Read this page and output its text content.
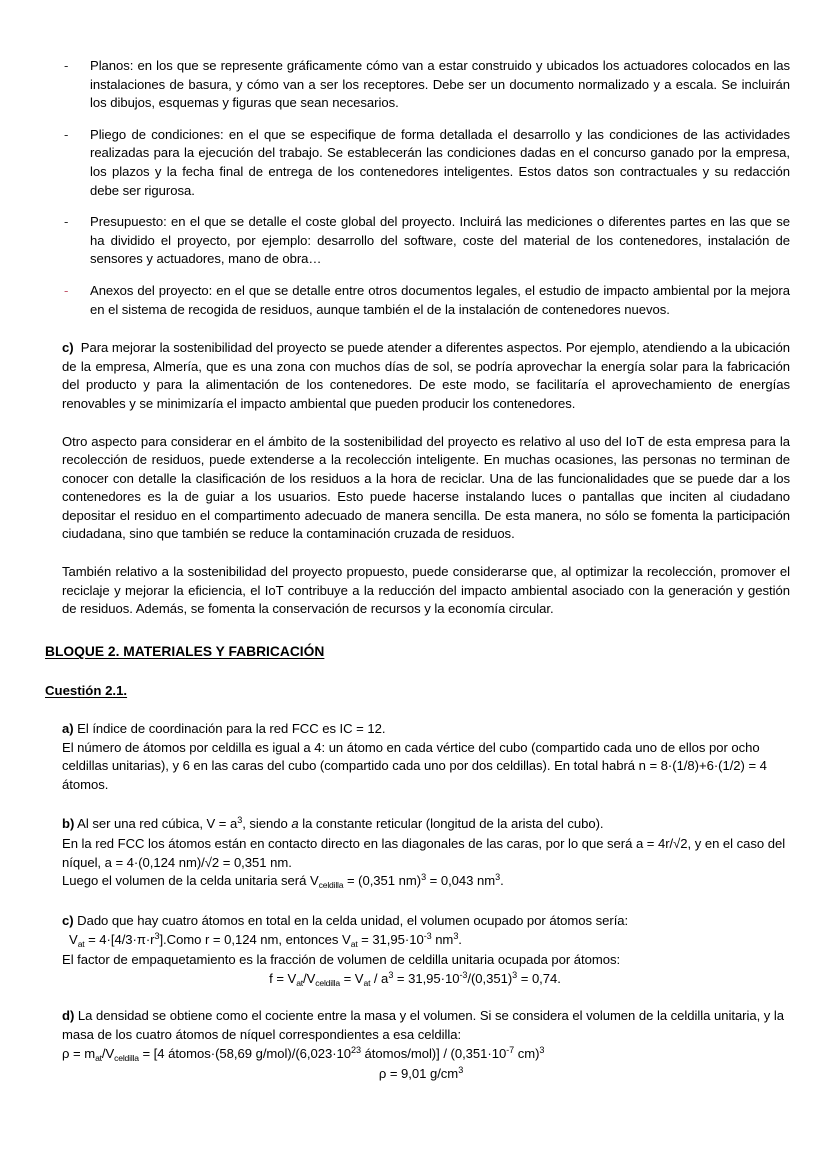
- Planos: en los que se represente gráficamente cómo van a estar construido y ubicados los actuadores colocados en las instalaciones de basura, y cómo van a ser los receptores. Debe ser un documento normalizado y a escala. Se incluirán los dibujos, esquemas y figuras que sean necesarios.
- Pliego de condiciones: en el que se especifique de forma detallada el desarrollo y las condiciones de las actividades realizadas para la ejecución del trabajo. Se establecerán las condiciones dadas en el concurso ganado por la empresa, los plazos y la fecha final de entrega de los contenedores inteligentes. Estos datos son contractuales y su redacción debe ser rigurosa.
- Presupuesto: en el que se detalle el coste global del proyecto. Incluirá las mediciones o diferentes partes en las que se ha dividido el proyecto, por ejemplo: desarrollo del software, coste del material de los contenedores, instalación de sensores y actuadores, mano de obra…
- Anexos del proyecto: en el que se detalle entre otros documentos legales, el estudio de impacto ambiental por la mejora en el sistema de recogida de residuos, aunque también el de la instalación de contenedores nuevos.

c) Para mejorar la sostenibilidad del proyecto se puede atender a diferentes aspectos. Por ejemplo, atendiendo a la ubicación de la empresa, Almería, que es una zona con muchos días de sol, se podría aprovechar la energía solar para la fabricación del producto y para la alimentación de los contenedores. De este modo, se facilitaría el aprovechamiento de energías renovables y se minimizaría el impacto ambiental que pueden producir los contenedores.

Otro aspecto para considerar en el ámbito de la sostenibilidad del proyecto es relativo al uso del IoT de esta empresa para la recolección de residuos, puede extenderse a la recolección inteligente. En muchas ocasiones, las personas no terminan de conocer con detalle la clasificación de los residuos a la hora de reciclar. Una de las funcionalidades que se puede dar a los contenedores es la de guiar a los usuarios. Esto puede hacerse instalando luces o pantallas que inciten al ciudadano depositar el residuo en el compartimento adecuado de manera sencilla. De esta manera, no sólo se fomenta la participación ciudadana, sino que también se reduce la contaminación cruzada de residuos.

También relativo a la sostenibilidad del proyecto propuesto, puede considerarse que, al optimizar la recolección, promover el reciclaje y mejorar la eficiencia, el IoT contribuye a la reducción del impacto ambiental asociado con la generación y gestión de residuos. Además, se fomenta la conservación de recursos y la economía circular.

BLOQUE 2. MATERIALES Y FABRICACIÓN
Cuestión 2.1.
a) El índice de coordinación para la red FCC es IC = 12.
El número de átomos por celdilla es igual a 4: un átomo en cada vértice del cubo (compartido cada uno de ellos por ocho celdillas unitarias), y 6 en las caras del cubo (compartido cada uno por dos celdillas). En total habrá n = 8·(1/8)+6·(1/2) = 4 átomos.
b) Al ser una red cúbica, $V = a^3$, siendo a la constante reticular (longitud de la arista del cubo).
En la red FCC los átomos están en contacto directo en las diagonales de las caras, por lo que será a = 4r/√2, y en el caso del níquel, a = 4·(0,124 nm)/√2 = 0,351 nm.
Luego el volumen de la celda unitaria será $V_{celdilla} = (0,351$ nm)$^3$ = 0,043 $nm^3$.
c) Dado que hay cuatro átomos en total en la celda unidad, el volumen ocupado por átomos sería:
$V_{at}$ = $4\cdot[4/3\cdot\pi\cdot r^3].Como$ r = 0,124 nm, entonces $V_{at} = 31,95\cdot 10^{-3}$ $nm^3$.
El factor de empaquetamiento es la fracción de volumen de celdilla unitaria ocupada por átomos:
$f = V_{at}/V_{celdilla} = V_{at} / a^3 = 31,95\cdot 10^{-3}/(0,351)^3 = 0,74$.
d) La densidad se obtiene como el cociente entre la masa y el volumen. Si se considera el volumen de la celdilla unitaria, y la masa de los cuatro átomos de níquel correspondientes a esa celdilla:
$\rho = m_{at}/V_{celdilla} = [4$ átomos·(58,69 $g/mol)/(6,023\cdot 10^{23}$ átomos/mol)] / ($0,351\cdot 10^{-7}$ cm)$^3$
ρ = 9,01 $g/cm^3$
